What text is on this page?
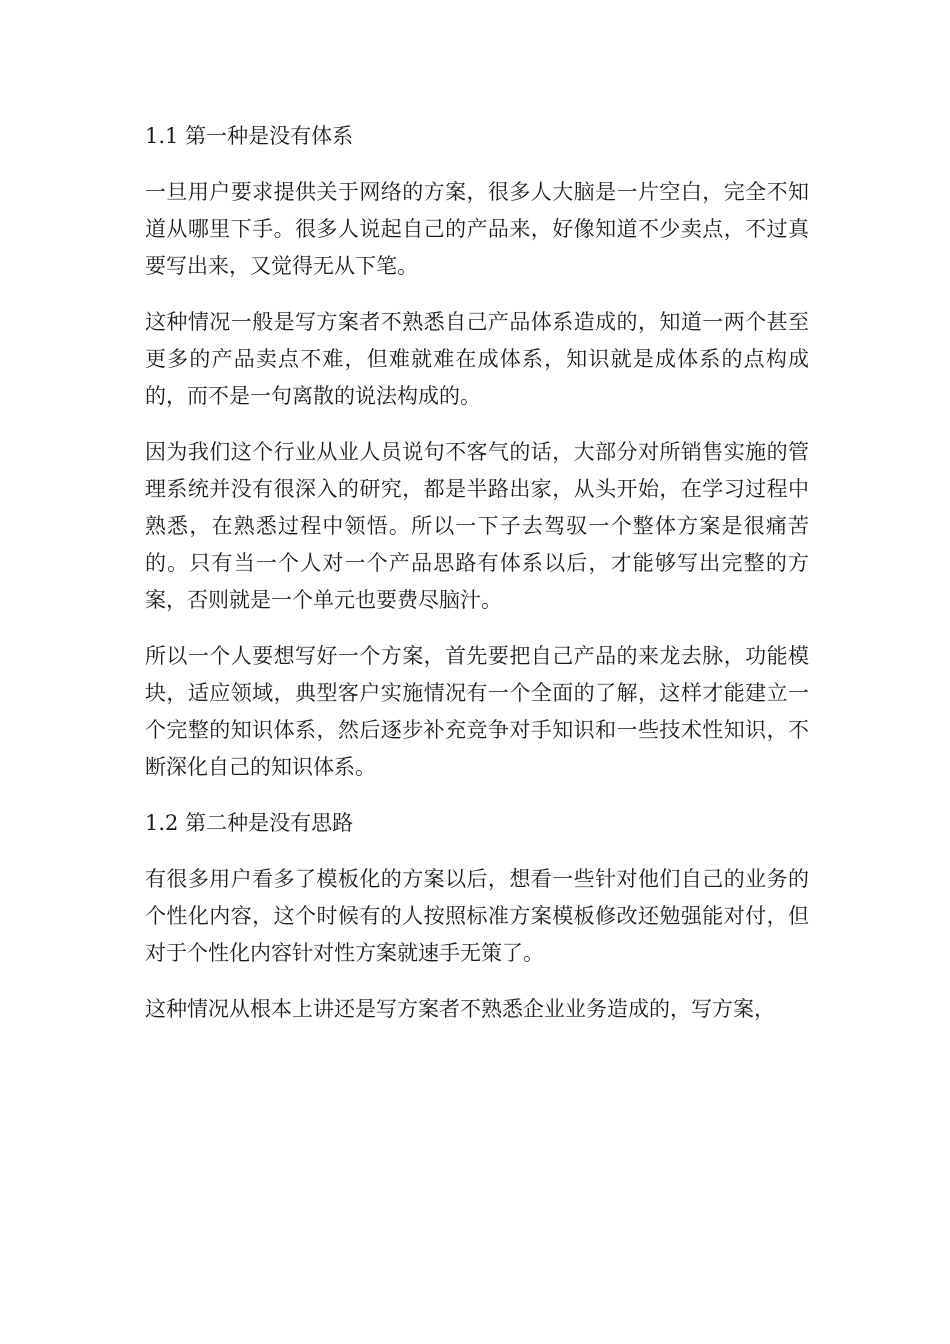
1.1 第一种是没有体系

一旦用户要求提供关于网络的方案，很多人大脑是一片空白，完全不知道从哪里下手。很多人说起自己的产品来，好像知道不少卖点，不过真要写出来，又觉得无从下笔。

这种情况一般是写方案者不熟悉自己产品体系造成的，知道一两个甚至更多的产品卖点不难，但难就难在成体系，知识就是成体系的点构成的，而不是一句离散的说法构成的。

因为我们这个行业从业人员说句不客气的话，大部分对所销售实施的管理系统并没有很深入的研究，都是半路出家，从头开始，在学习过程中熟悉，在熟悉过程中领悟。所以一下子去驾驭一个整体方案是很痛苦的。只有当一个人对一个产品思路有体系以后，才能够写出完整的方案，否则就是一个单元也要费尽脑汁。

所以一个人要想写好一个方案，首先要把自己产品的来龙去脉，功能模块，适应领域，典型客户实施情况有一个全面的了解，这样才能建立一个完整的知识体系，然后逐步补充竞争对手知识和一些技术性知识，不断深化自己的知识体系。

1.2 第二种是没有思路

有很多用户看多了模板化的方案以后，想看一些针对他们自己的业务的个性化内容，这个时候有的人按照标准方案模板修改还勉强能对付，但对于个性化内容针对性方案就速手无策了。

这种情况从根本上讲还是写方案者不熟悉企业业务造成的，写方案，
